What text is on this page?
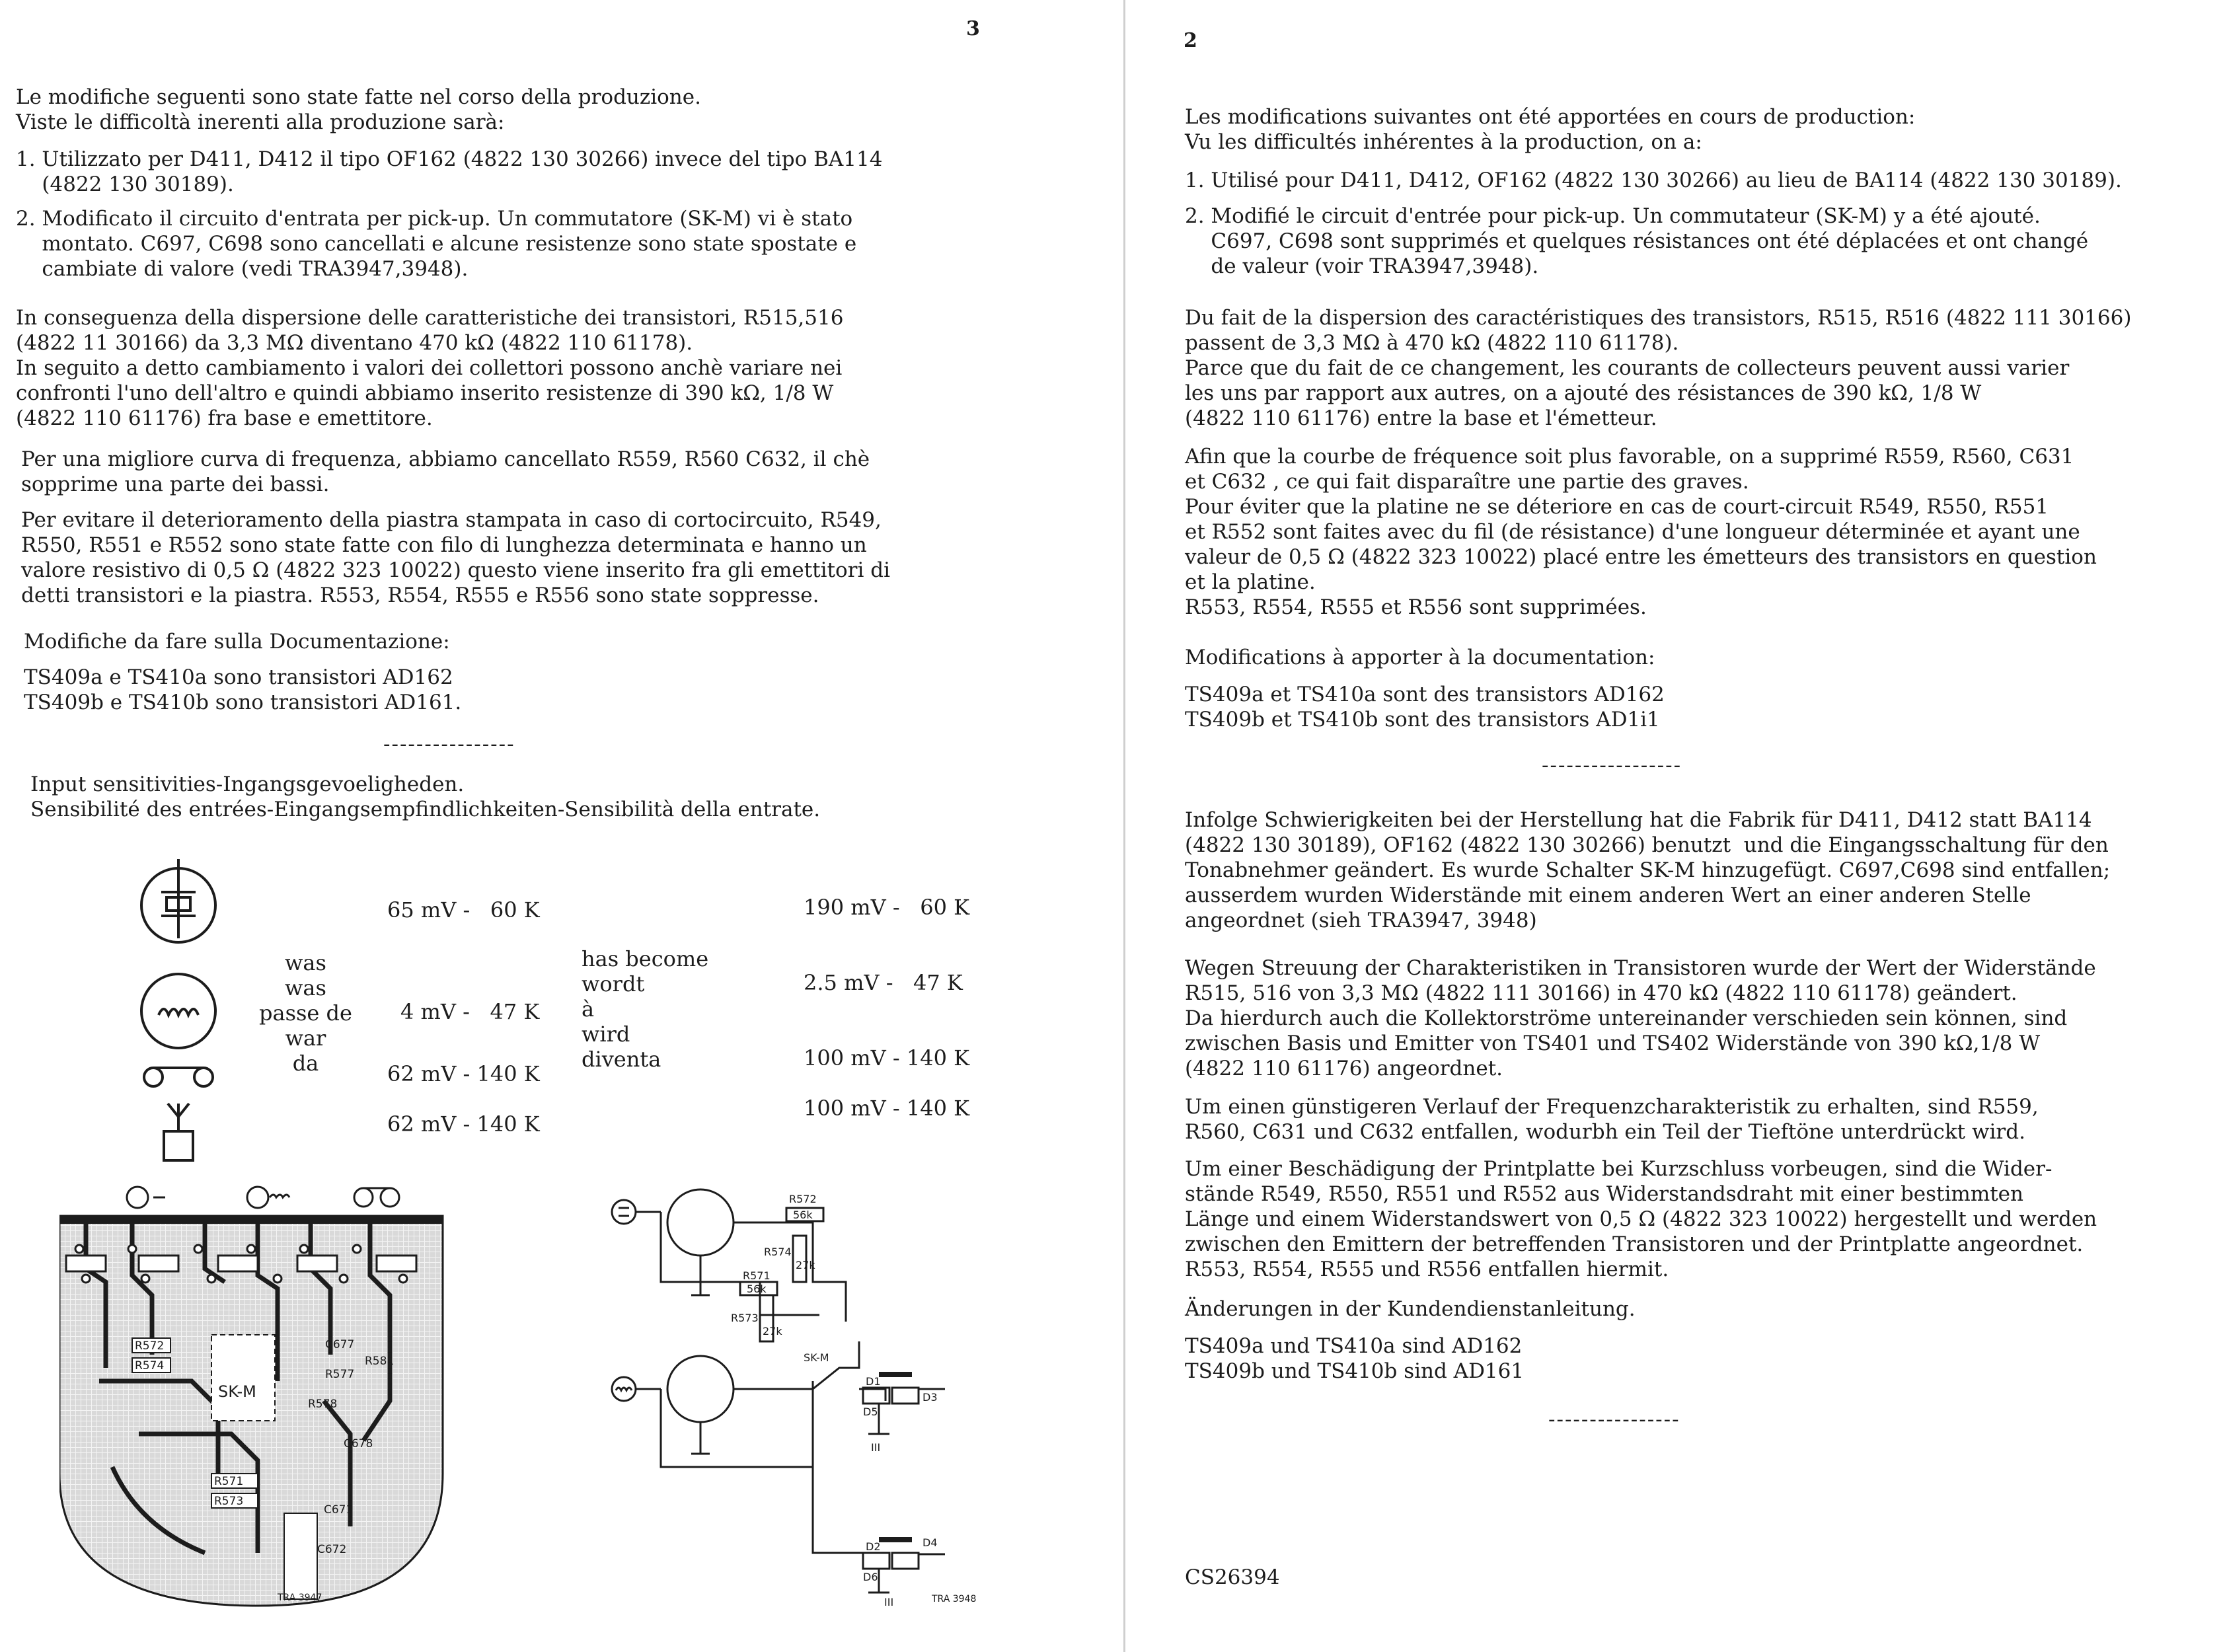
3
Le modifiche seguenti sono state fatte nel corso della produzione.
Viste le difficoltà inerenti alla produzione sarà:
1. Utilizzato per D411, D412 il tipo OF162 (4822 130 30266) invece del tipo BA114
(4822 130 30189).
2. Modificato il circuito d'entrata per pick-up. Un commutatore (SK-M) vi è stato
montato. C697, C698 sono cancellati e alcune resistenze sono state spostate e
cambiate di valore (vedi TRA3947,3948).
In conseguenza della dispersione delle caratteristiche dei transistori, R515,516
(4822 11 30166) da 3,3 MΩ diventano 470 kΩ (4822 110 61178).
In seguito a detto cambiamento i valori dei collettori possono anchè variare nei
confronti l'uno dell'altro e quindi abbiamo inserito resistenze di 390 kΩ, 1/8 W
(4822 110 61176) fra base e emettitore.
Per una migliore curva di frequenza, abbiamo cancellato R559, R560 C632, il chè
sopprime una parte dei bassi.
Per evitare il deterioramento della piastra stampata in caso di cortocircuito, R549,
R550, R551 e R552 sono state fatte con filo di lunghezza determinata e hanno un
valore resistivo di 0,5 Ω (4822 323 10022) questo viene inserito fra gli emettitori di
detti transistori e la piastra. R553, R554, R555 e R556 sono state soppresse.
Modifiche da fare sulla Documentazione:
TS409a e TS410a sono transistori AD162
TS409b e TS410b sono transistori AD161.
----------------
Input sensitivities-Ingangsgevoeligheden.
Sensibilité des entrées-Eingangsempfindlichkeiten-Sensibilità della entrate.
65 mV -   60 K
4 mV -   47 K
62 mV - 140 K
62 mV - 140 K
was
was
passe de
war
da
has become
wordt
à
wird
diventa
190 mV -   60 K
2.5 mV -   47 K
100 mV - 140 K
100 mV - 140 K
SK-M
R572
R574
R571
R573
C677
R577
R581
R578
C678
C671
C672
TRA 3947
R572
56k
R574
27k
R571
56k
R573
27k
SK-M
D1
D3
D5
III
D2	D4
D6
III	TRA 3948
2
Les modifications suivantes ont été apportées en cours de production:
Vu les difficultés inhérentes à la production, on a:
1. Utilisé pour D411, D412, OF162 (4822 130 30266) au lieu de BA114 (4822 130 30189).
2. Modifié le circuit d'entrée pour pick-up. Un commutateur (SK-M) y a été ajouté.
C697, C698 sont supprimés et quelques résistances ont été déplacées et ont changé
de valeur (voir TRA3947,3948).
Du fait de la dispersion des caractéristiques des transistors, R515, R516 (4822 111 30166)
passent de 3,3 MΩ à 470 kΩ (4822 110 61178).
Parce que du fait de ce changement, les courants de collecteurs peuvent aussi varier
les uns par rapport aux autres, on a ajouté des résistances de 390 kΩ, 1/8 W
(4822 110 61176) entre la base et l'émetteur.
Afin que la courbe de fréquence soit plus favorable, on a supprimé R559, R560, C631
et C632 , ce qui fait disparaître une partie des graves.
Pour éviter que la platine ne se déteriore en cas de court-circuit R549, R550, R551
et R552 sont faites avec du fil (de résistance) d'une longueur déterminée et ayant une
valeur de 0,5 Ω (4822 323 10022) placé entre les émetteurs des transistors en question
et la platine.
R553, R554, R555 et R556 sont supprimées.
Modifications à apporter à la documentation:
TS409a et TS410a sont des transistors AD162
TS409b et TS410b sont des transistors AD1i1
-----------------
Infolge Schwierigkeiten bei der Herstellung hat die Fabrik für D411, D412 statt BA114
(4822 130 30189), OF162 (4822 130 30266) benutzt  und die Eingangsschaltung für den
Tonabnehmer geändert. Es wurde Schalter SK-M hinzugefügt. C697,C698 sind entfallen;
ausserdem wurden Widerstände mit einem anderen Wert an einer anderen Stelle
angeordnet (sieh TRA3947, 3948)
Wegen Streuung der Charakteristiken in Transistoren wurde der Wert der Widerstände
R515, 516 von 3,3 MΩ (4822 111 30166) in 470 kΩ (4822 110 61178) geändert.
Da hierdurch auch die Kollektorströme untereinander verschieden sein können, sind
zwischen Basis und Emitter von TS401 und TS402 Widerstände von 390 kΩ,1/8 W
(4822 110 61176) angeordnet.
Um einen günstigeren Verlauf der Frequenzcharakteristik zu erhalten, sind R559,
R560, C631 und C632 entfallen, wodurbh ein Teil der Tieftöne unterdrückt wird.
Um einer Beschädigung der Printplatte bei Kurzschluss vorbeugen, sind die Wider-
stände R549, R550, R551 und R552 aus Widerstandsdraht mit einer bestimmten
Länge und einem Widerstandswert von 0,5 Ω (4822 323 10022) hergestellt und werden
zwischen den Emittern der betreffenden Transistoren und der Printplatte angeordnet.
R553, R554, R555 und R556 entfallen hiermit.
Änderungen in der Kundendienstanleitung.
TS409a und TS410a sind AD162
TS409b und TS410b sind AD161
----------------
CS26394
